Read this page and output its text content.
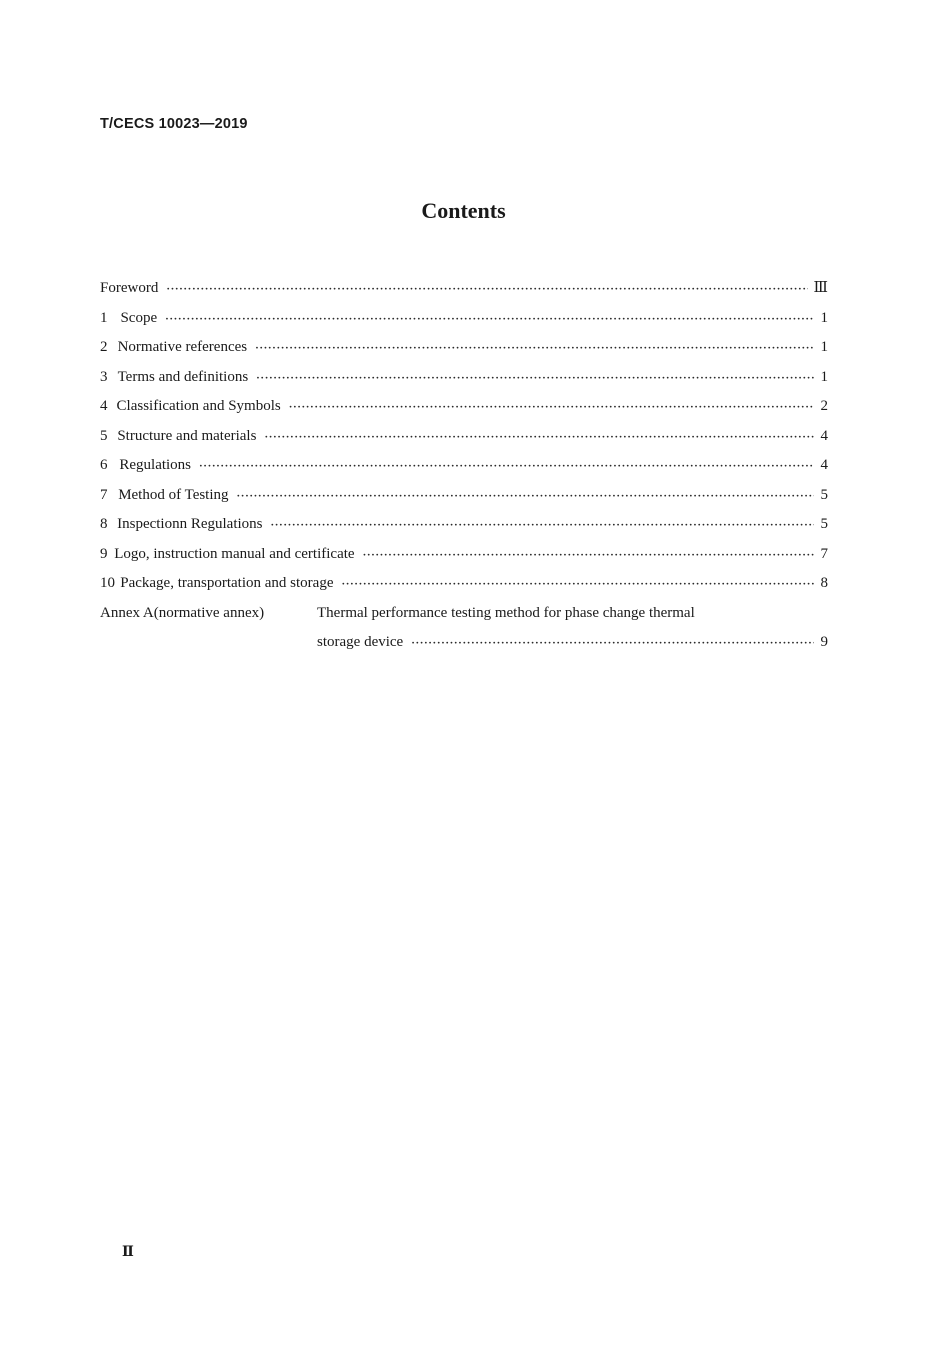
T/CECS 10023—2019
Contents
Foreword ·····	Ⅲ
1 Scope ·····	1
2 Normative references ·····	1
3 Terms and definitions ·····	1
4 Classification and Symbols ·····	2
5 Structure and materials ·····	4
6 Regulations ·····	4
7 Method of Testing ·····	5
8 Inspectionn Regulations ·····	5
9 Logo, instruction manual and certificate ·····	7
10 Package, transportation and storage ·····	8
Annex A(normative annex)	Thermal performance testing method for phase change thermal
storage device ·····	9
Ⅱ
